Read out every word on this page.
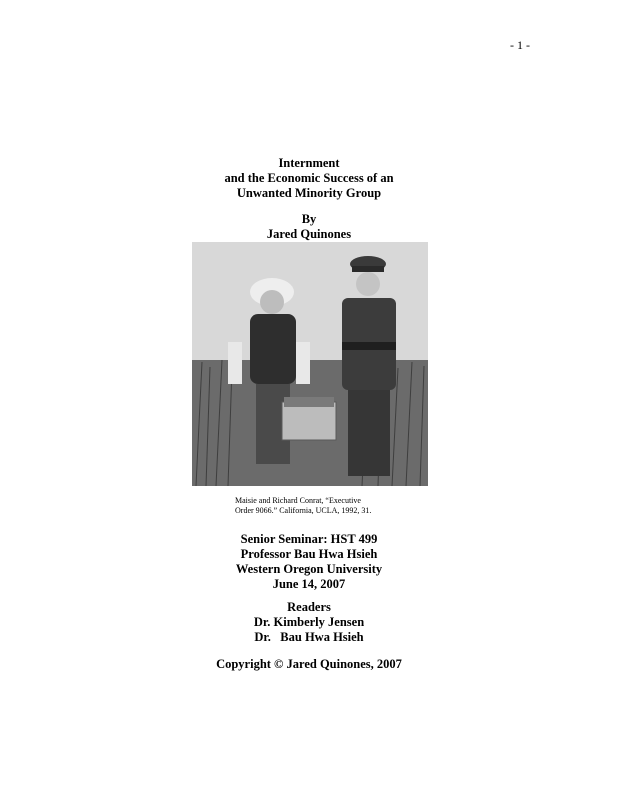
- 1 -
Internment
and the Economic Success of an
Unwanted Minority Group
By
Jared Quinones
Maisie and Richard Conrat, “Executive
Order 9066.” California, UCLA, 1992, 31.
Senior Seminar: HST 499
Professor Bau Hwa Hsieh
Western Oregon University
June 14, 2007
Readers
Dr. Kimberly Jensen
Dr.   Bau Hwa Hsieh
Copyright © Jared Quinones, 2007
